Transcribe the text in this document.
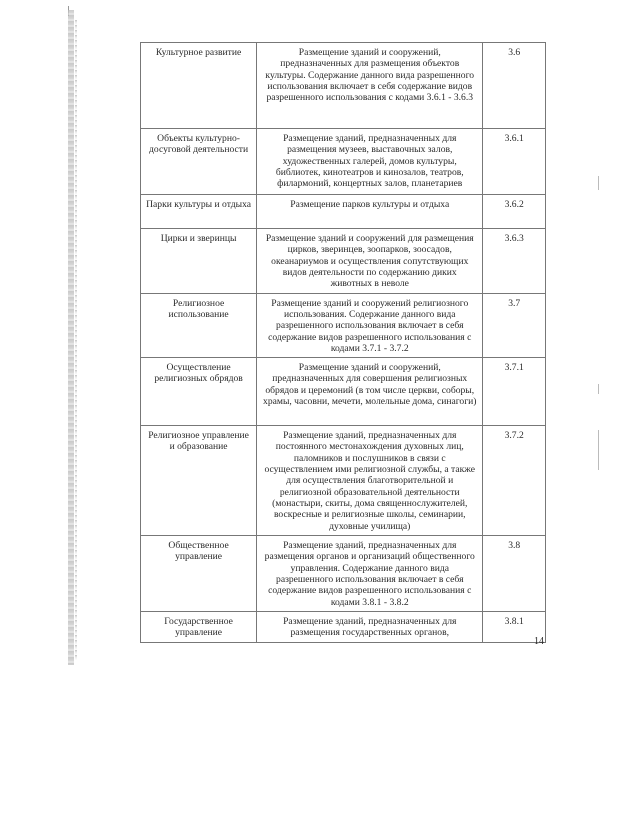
Культурное развитие	Размещение зданий и сооружений, предназначенных для размещения объектов культуры. Содержание данного вида разрешенного использования включает в себя содержание видов разрешенного использования с кодами 3.6.1 - 3.6.3	3.6
Объекты культурно-досуговой деятельности	Размещение зданий, предназначенных для размещения музеев, выставочных залов, художественных галерей, домов культуры, библиотек, кинотеатров и кинозалов, театров, филармоний, концертных залов, планетариев	3.6.1
Парки культуры и отдыха	Размещение парков культуры и отдыха	3.6.2
Цирки и зверинцы	Размещение зданий и сооружений для размещения цирков, зверинцев, зоопарков, зоосадов, океанариумов и осуществления сопутствующих видов деятельности по содержанию диких животных в неволе	3.6.3
Религиозное использование	Размещение зданий и сооружений религиозного использования. Содержание данного вида разрешенного использования включает в себя содержание видов разрешенного использования с кодами 3.7.1 - 3.7.2	3.7
Осуществление религиозных обрядов	Размещение зданий и сооружений, предназначенных для совершения религиозных обрядов и церемоний (в том числе церкви, соборы, храмы, часовни, мечети, молельные дома, синагоги)	3.7.1
Религиозное управление и образование	Размещение зданий, предназначенных для постоянного местонахождения духовных лиц, паломников и послушников в связи с осуществлением ими религиозной службы, а также для осуществления благотворительной и религиозной образовательной деятельности (монастыри, скиты, дома священнослужителей, воскресные и религиозные школы, семинарии, духовные училища)	3.7.2
Общественное управление	Размещение зданий, предназначенных для размещения органов и организаций общественного управления. Содержание данного вида разрешенного использования включает в себя содержание видов разрешенного использования с кодами 3.8.1 - 3.8.2	3.8
Государственное управление	Размещение зданий, предназначенных для размещения государственных органов,	3.8.1
14
